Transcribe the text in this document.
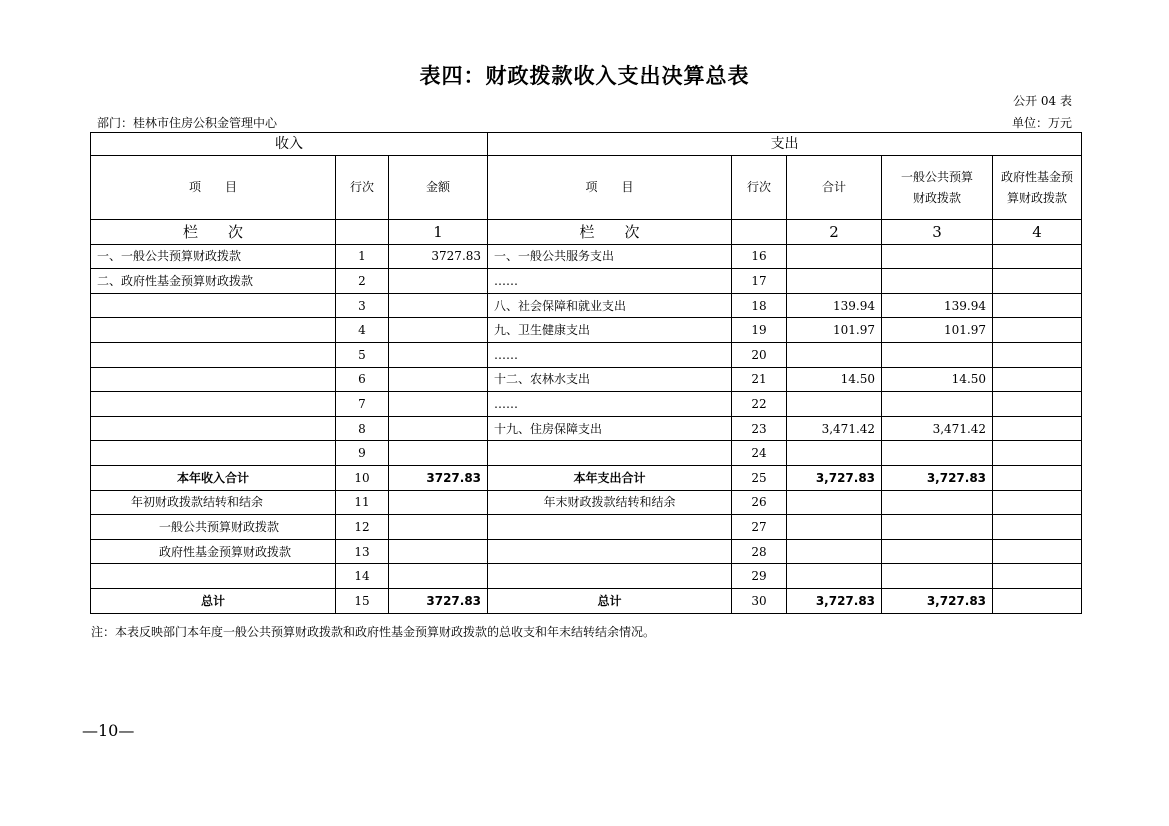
表四：财政拨款收入支出决算总表
公开 04 表
部门：桂林市住房公积金管理中心	单位：万元
收入			支出				
项　　目	行次	金额	项　　目	行次	合计	一般公共预算财政拨款	政府性基金预算财政拨款
栏　　次		1	栏　　次		2	3	4
一、一般公共预算财政拨款	1	3727.83	一、一般公共服务支出	16			
二、政府性基金预算财政拨款	2		……	17			
	3		八、社会保障和就业支出	18	139.94	139.94	
	4		九、卫生健康支出	19	101.97	101.97	
	5		……	20			
	6		十二、农林水支出	21	14.50	14.50	
	7		……	22			
	8		十九、住房保障支出	23	3,471.42	3,471.42	
	9			24			
本年收入合计	10	3727.83	本年支出合计	25	3,727.83	3,727.83	
年初财政拨款结转和结余	11		年末财政拨款结转和结余	26			
一般公共预算财政拨款	12			27			
政府性基金预算财政拨款	13			28			
	14			29			
总计	15	3727.83	总计	30	3,727.83	3,727.83	
注：本表反映部门本年度一般公共预算财政拨款和政府性基金预算财政拨款的总收支和年末结转结余情况。
—10—
